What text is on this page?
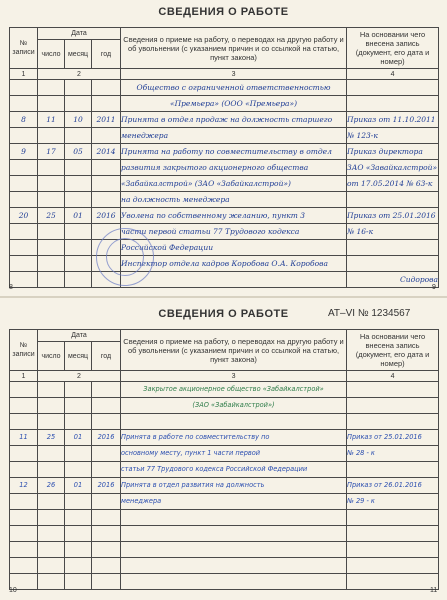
СВЕДЕНИЯ О РАБОТЕ
№ записи	Дата			Сведения о приеме на работу, о переводах на другую работу и об увольнении (с указанием причин и со ссылкой на статью, пункт закона)	На основании чего внесена запись (документ, его дата и номер)
	число	месяц	год		
1	2			3	4
				Общество с ограниченной ответственностью	
				«Премьера» (ООО «Премьера»)	
8	11	10	2011	Принята в отдел продаж на должность старшего	Приказ от 11.10.2011
				менеджера	№ 123-к
9	17	05	2014	Принята на работу по совместительству в отдел	Приказ директора
				развития закрытого акционерного общества	ЗАО «Завайкалстрой»
				«Забайкалстрой» (ЗАО «Забайкалстрой»)	от 17.05.2014 № 63-к
				на должность менеджера	
20	25	01	2016	Уволена по собственному желанию, пункт 3	Приказ от 25.01.2016
				части первой статьи 77 Трудового кодекса	№ 16-к
				Российской Федерации	
				Инспектор отдела кадров Коробова О.А. Коробова	
					Сидорова
8	9
СВЕДЕНИЯ О РАБОТЕ	AT–VI № 1234567
№ записи	Дата			Сведения о приеме на работу, о переводах на другую работу и об увольнении (с указанием причин и со ссылкой на статью, пункт закона)	На основании чего внесена запись (документ, его дата и номер)
	число	месяц	год		
1	2			3	4
				Закрытое акционерное общество «Забайкалстрой»	
				(ЗАО «Забайкалстрой»)	

11	25	01	2016	Принята в работе по совместительству по	Приказ от 25.01.2016
				основному месту, пункт 1 части первой	№ 28 - к
				статьи 77 Трудового кодекса Российской Федерации	
12	26	01	2016	Принята в отдел развития на должность	Приказ от 26.01.2016
				менеджера	№ 29 - к

10	11
